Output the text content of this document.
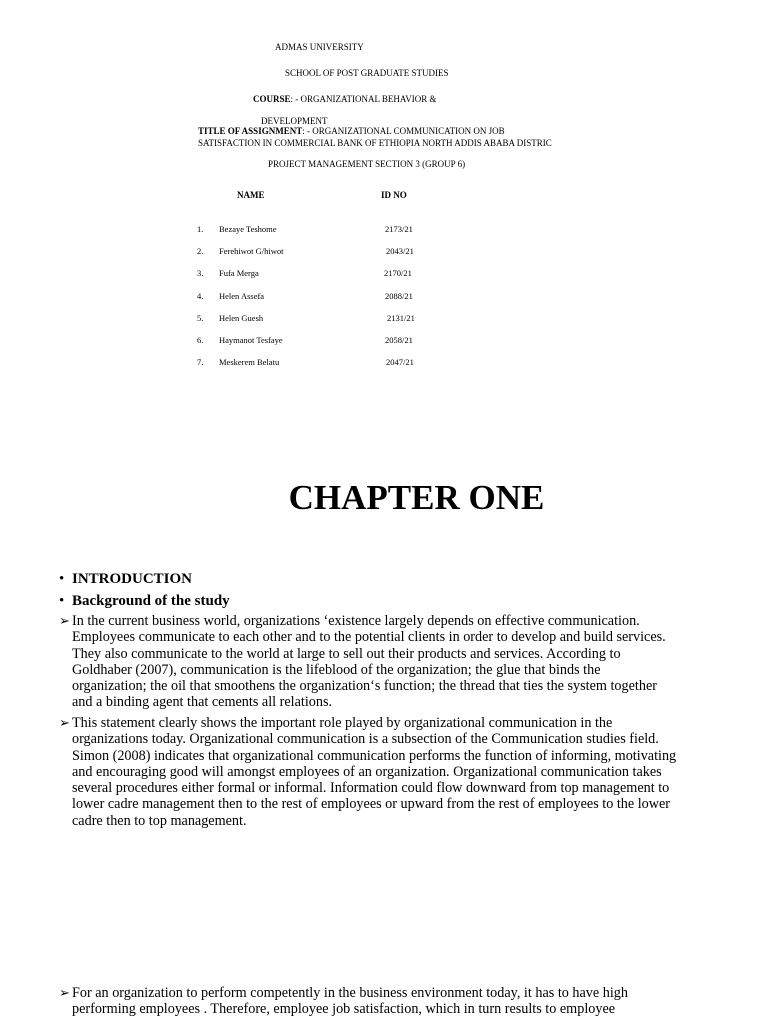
ADMAS UNIVERSITY
SCHOOL OF POST GRADUATE STUDIES
COURSE: - ORGANIZATIONAL BEHAVIOR &
DEVELOPMENT
TITLE OF ASSIGNMENT: - ORGANIZATIONAL COMMUNICATION ON JOB
SATISFACTION IN COMMERCIAL BANK OF ETHIOPIA NORTH ADDIS ABABA DISTRIC
PROJECT MANAGEMENT SECTION 3 (GROUP 6)
NAME	ID NO
1. Bezaye Teshome	2173/21
2. Ferehiwot G/hiwot	2043/21
3. Fufa Merga	2170/21
4. Helen Assefa	2088/21
5. Helen Guesh	2131/21
6. Haymanot Tesfaye	2058/21
7. Meskerem Belatu	2047/21
CHAPTER ONE
• INTRODUCTION
• Background of the study
➢ In the current business world, organizations ‘existence largely depends on effective communication.
Employees communicate to each other and to the potential clients in order to develop and build services.
They also communicate to the world at large to sell out their products and services. According to
Goldhaber (2007), communication is the lifeblood of the organization; the glue that binds the
organization; the oil that smoothens the organization‘s function; the thread that ties the system together
and a binding agent that cements all relations.
➢ This statement clearly shows the important role played by organizational communication in the
organizations today. Organizational communication is a subsection of the Communication studies field.
Simon (2008) indicates that organizational communication performs the function of informing, motivating
and encouraging good will amongst employees of an organization. Organizational communication takes
several procedures either formal or informal. Information could flow downward from top management to
lower cadre management then to the rest of employees or upward from the rest of employees to the lower
cadre then to top management.
➢ For an organization to perform competently in the business environment today, it has to have high
performing employees . Therefore, employee job satisfaction, which in turn results to employee
